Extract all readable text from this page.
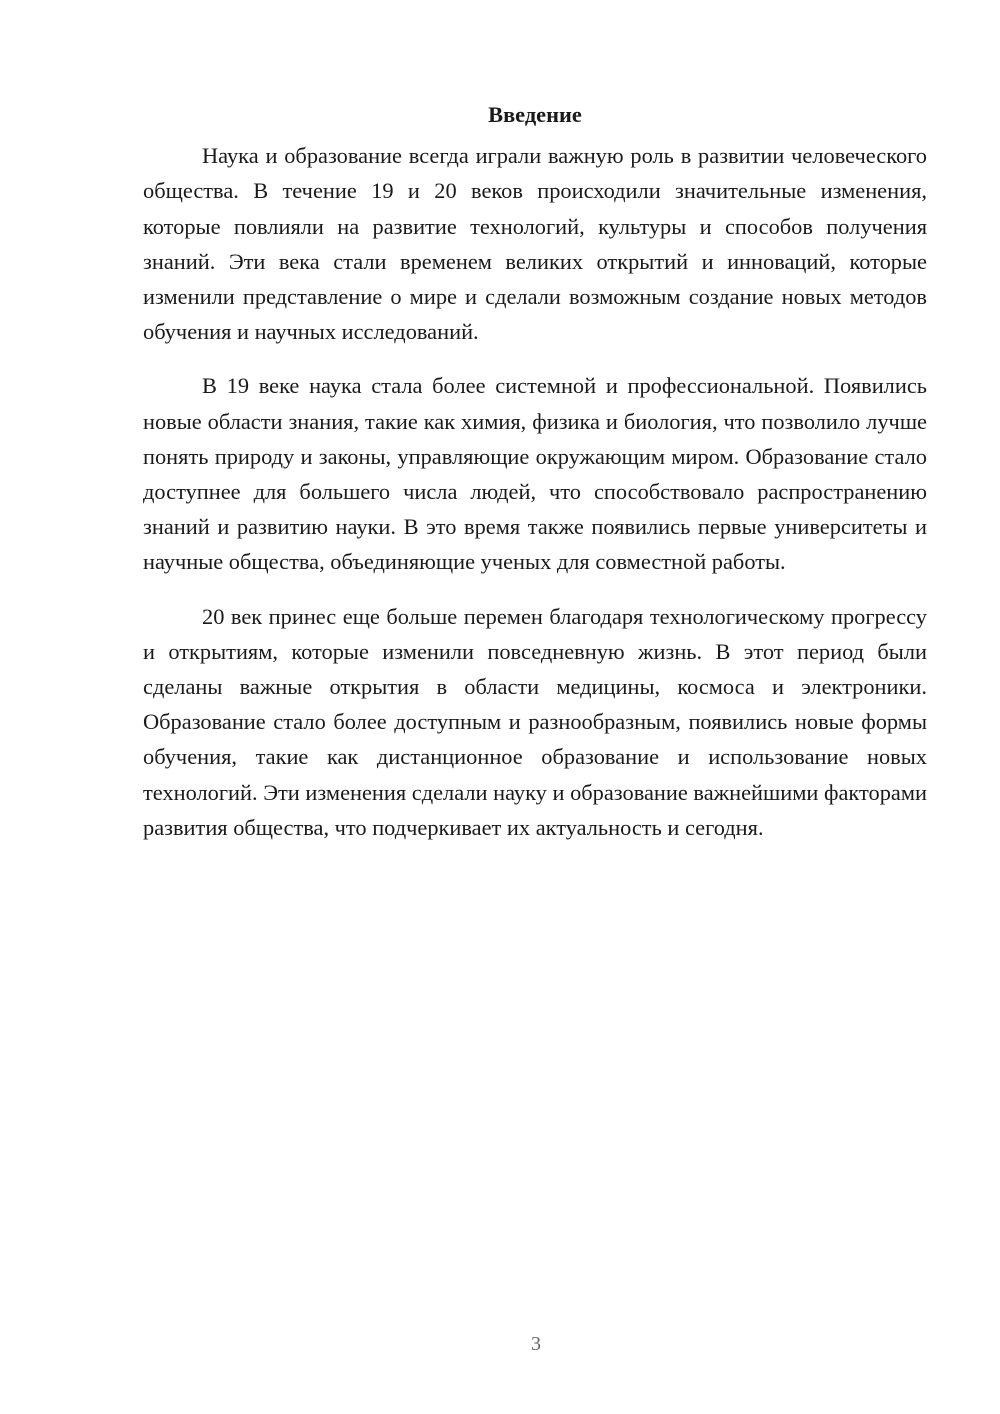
Введение

Наука и образование всегда играли важную роль в развитии человеческого общества. В течение 19 и 20 веков происходили значительные изменения, которые повлияли на развитие технологий, культуры и способов получения знаний. Эти века стали временем великих открытий и инноваций, которые изменили представление о мире и сделали возможным создание новых методов обучения и научных исследований.

В 19 веке наука стала более системной и профессиональной. Появились новые области знания, такие как химия, физика и биология, что позволило лучше понять природу и законы, управляющие окружающим миром. Образование стало доступнее для большего числа людей, что способствовало распространению знаний и развитию науки. В это время также появились первые университеты и научные общества, объединяющие ученых для совместной работы.

20 век принес еще больше перемен благодаря технологическому прогрессу и открытиям, которые изменили повседневную жизнь. В этот период были сделаны важные открытия в области медицины, космоса и электроники. Образование стало более доступным и разнообразным, появились новые формы обучения, такие как дистанционное образование и использование новых технологий. Эти изменения сделали науку и образование важнейшими факторами развития общества, что подчеркивает их актуальность и сегодня.

3
